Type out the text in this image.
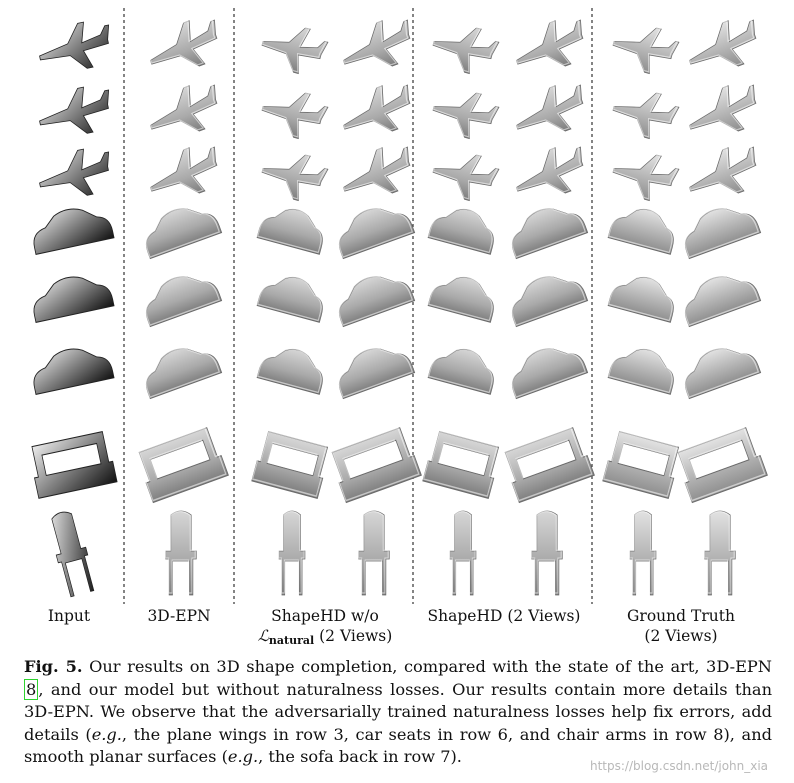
Input	3D-EPN	ShapeHD w/o
ℒ$_{natural}$ (2 Views)
ShapeHD (2 Views)	Ground Truth
(2 Views)
Fig. 5. Our results on 3D shape completion, compared with the state of the art, 3D-EPN 8 , and our model but without naturalness losses. Our results contain more details than 3D-EPN. We observe that the adversarially trained naturalness losses help fix errors, add details (e.g., the plane wings in row 3, car seats in row 6, and chair arms in row 8), and smooth planar surfaces (e.g., the sofa back in row 7).	https://blog.csdn.net/john_xia
